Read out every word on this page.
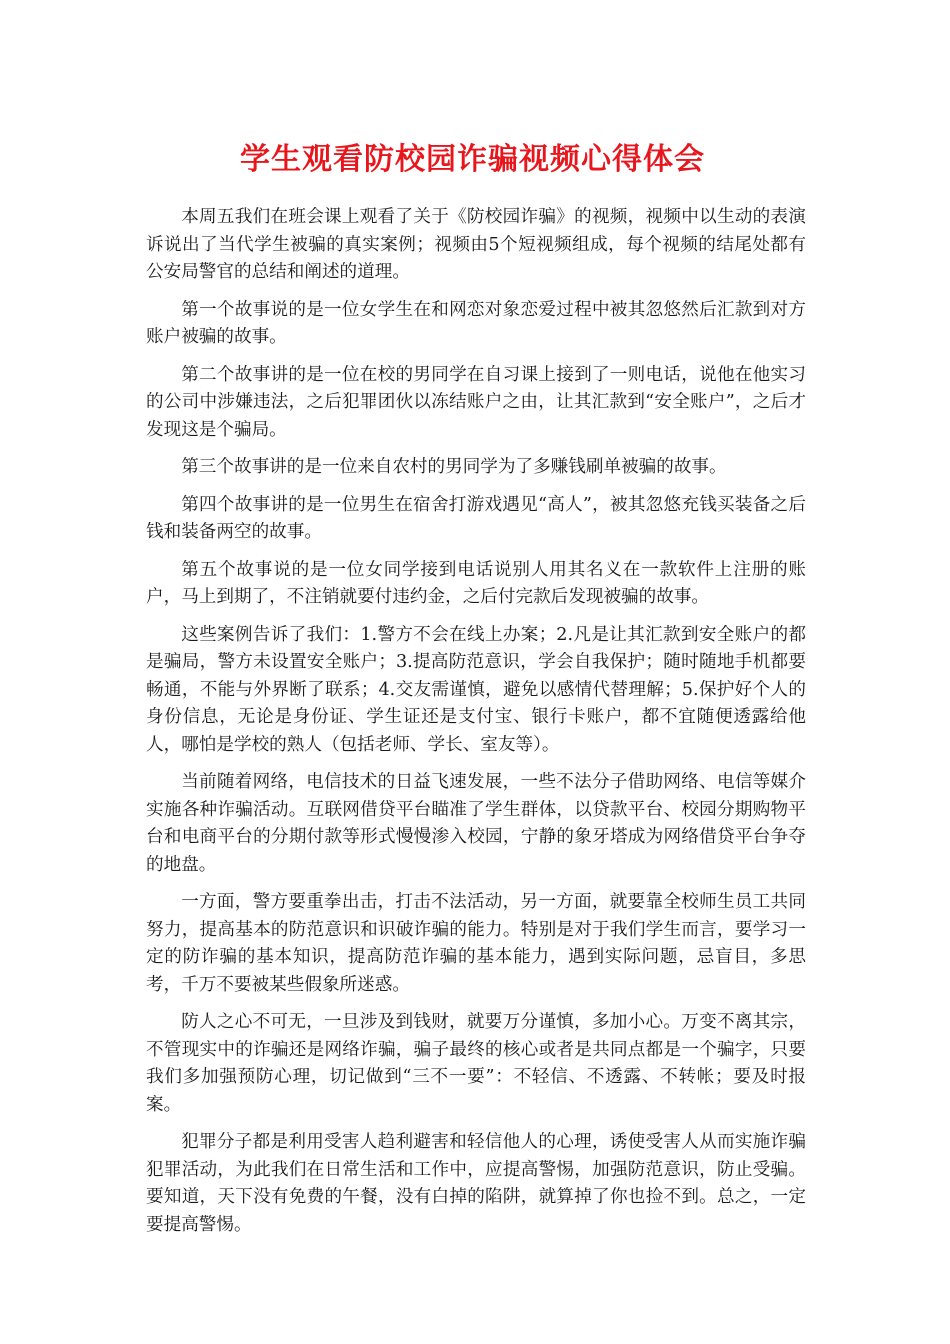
学生观看防校园诈骗视频心得体会

本周五我们在班会课上观看了关于《防校园诈骗》的视频，视频中以生动的表演诉说出了当代学生被骗的真实案例；视频由5个短视频组成，每个视频的结尾处都有公安局警官的总结和阐述的道理。

第一个故事说的是一位女学生在和网恋对象恋爱过程中被其忽悠然后汇款到对方账户被骗的故事。

第二个故事讲的是一位在校的男同学在自习课上接到了一则电话，说他在他实习的公司中涉嫌违法，之后犯罪团伙以冻结账户之由，让其汇款到“安全账户”，之后才发现这是个骗局。

第三个故事讲的是一位来自农村的男同学为了多赚钱刷单被骗的故事。

第四个故事讲的是一位男生在宿舍打游戏遇见“高人”，被其忽悠充钱买装备之后钱和装备两空的故事。

第五个故事说的是一位女同学接到电话说别人用其名义在一款软件上注册的账户，马上到期了，不注销就要付违约金，之后付完款后发现被骗的故事。

这些案例告诉了我们：1.警方不会在线上办案；2.凡是让其汇款到安全账户的都是骗局，警方未设置安全账户；3.提高防范意识，学会自我保护；随时随地手机都要畅通，不能与外界断了联系；4.交友需谨慎，避免以感情代替理解；5.保护好个人的身份信息，无论是身份证、学生证还是支付宝、银行卡账户，都不宜随便透露给他人，哪怕是学校的熟人（包括老师、学长、室友等）。

当前随着网络，电信技术的日益飞速发展，一些不法分子借助网络、电信等媒介实施各种诈骗活动。互联网借贷平台瞄准了学生群体，以贷款平台、校园分期购物平台和电商平台的分期付款等形式慢慢渗入校园，宁静的象牙塔成为网络借贷平台争夺的地盘。

一方面，警方要重拳出击，打击不法活动，另一方面，就要靠全校师生员工共同努力，提高基本的防范意识和识破诈骗的能力。特别是对于我们学生而言，要学习一定的防诈骗的基本知识，提高防范诈骗的基本能力，遇到实际问题，忌盲目，多思考，千万不要被某些假象所迷惑。

防人之心不可无，一旦涉及到钱财，就要万分谨慎，多加小心。万变不离其宗，不管现实中的诈骗还是网络诈骗，骗子最终的核心或者是共同点都是一个骗字，只要我们多加强预防心理，切记做到“三不一要”：不轻信、不透露、不转帐；要及时报案。

犯罪分子都是利用受害人趋利避害和轻信他人的心理，诱使受害人从而实施诈骗犯罪活动，为此我们在日常生活和工作中，应提高警惕，加强防范意识，防止受骗。要知道，天下没有免费的午餐，没有白掉的陷阱，就算掉了你也捡不到。总之，一定要提高警惕。
